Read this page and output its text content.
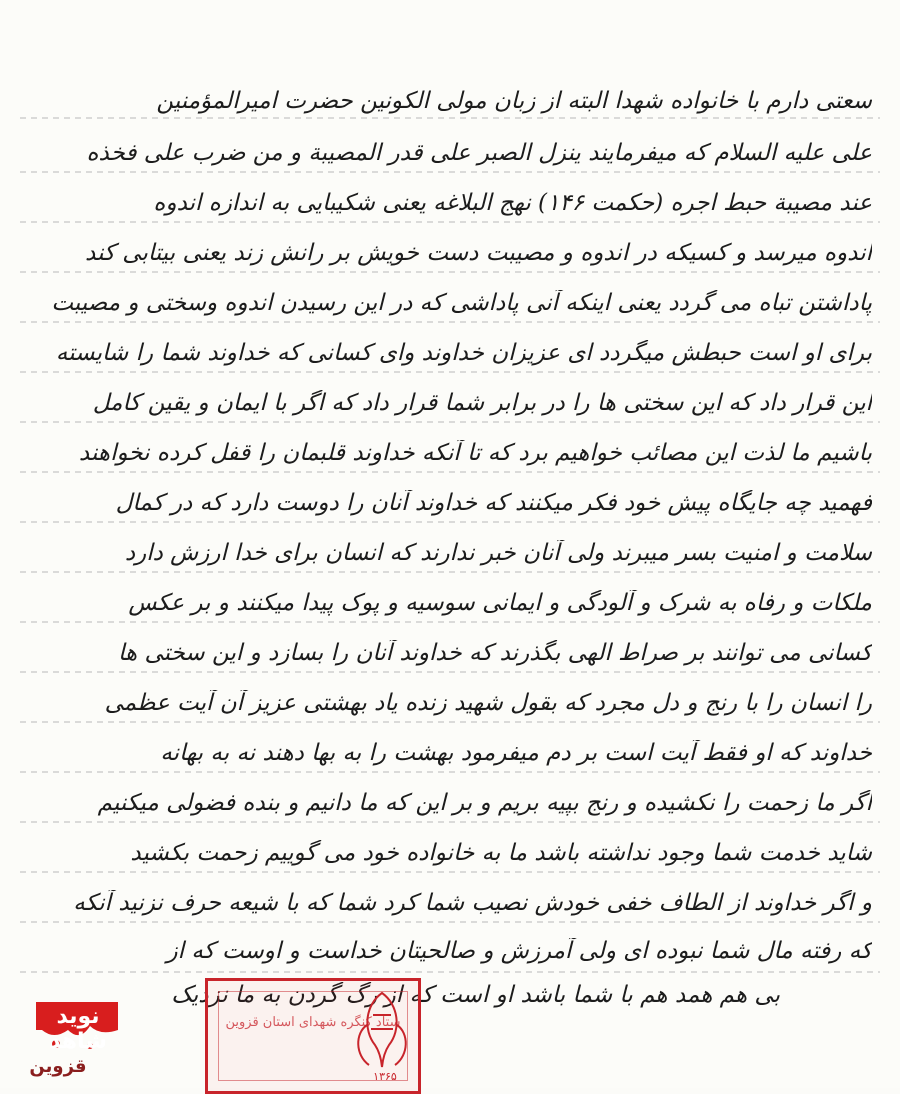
سعتی دارم با خانواده شهدا البته از زبان مولی الکونین حضرت امیرالمؤمنین
علی علیه السلام که میفرمایند ینزل الصبر علی قدر المصیبة و من ضرب علی فخذه
عند مصیبة حبط اجره (حکمت ۱۴۶) نهج البلاغه یعنی شکیبایی به اندازه اندوه
اندوه میرسد و کسیکه در اندوه و مصیبت دست خویش بر رانش زند یعنی بیتابی کند
پاداشتن تباه می گردد یعنی اینکه آنی پاداشی که در این رسیدن اندوه وسختی و مصیبت
برای او است حبطش میگردد ای عزیزان خداوند وای کسانی که خداوند شما را شایسته
این قرار داد که این سختی ها را در برابر شما قرار داد که اگر با ایمان و یقین کامل
باشیم ما لذت این مصائب خواهیم برد که تا آنکه خداوند قلبمان را قفل کرده نخواهند
فهمید چه جایگاه پیش خود فکر میکنند که خداوند آنان را دوست دارد که در کمال
سلامت و امنیت بسر میبرند ولی آنان خبر ندارند که انسان برای خدا ارزش دارد
ملکات و رفاه به شرک و آلودگی و ایمانی سوسیه و پوک پیدا میکنند و بر عکس
کسانی می توانند بر صراط الهی بگذرند که خداوند آنان را بسازد و این سختی ها
را انسان را با رنج و دل مجرد که بقول شهید زنده یاد بهشتی عزیز آن آیت عظمی
خداوند که او فقط آیت است بر دم میفرمود بهشت را به بها دهند نه به بهانه
اگر ما زحمت را نکشیده و رنج بپیه بریم و بر این که ما دانیم و بنده فضولی میکنیم
شاید خدمت شما وجود نداشته باشد ما به خانواده خود می گوییم زحمت بکشید
و اگر خداوند از الطاف خفی خودش نصیب شما کرد شما که با شیعه حرف نزنید آنکه
که رفته مال شما نبوده ای ولی آمرزش و صالحیتان خداست و اوست که از
بی هم همد هم با شما باشد او است که از رگ گردن به ما نزدیک
ستاد کنگره شهدای استان قزوین
۱۳۶۵
نوید شاهد
قزوین
